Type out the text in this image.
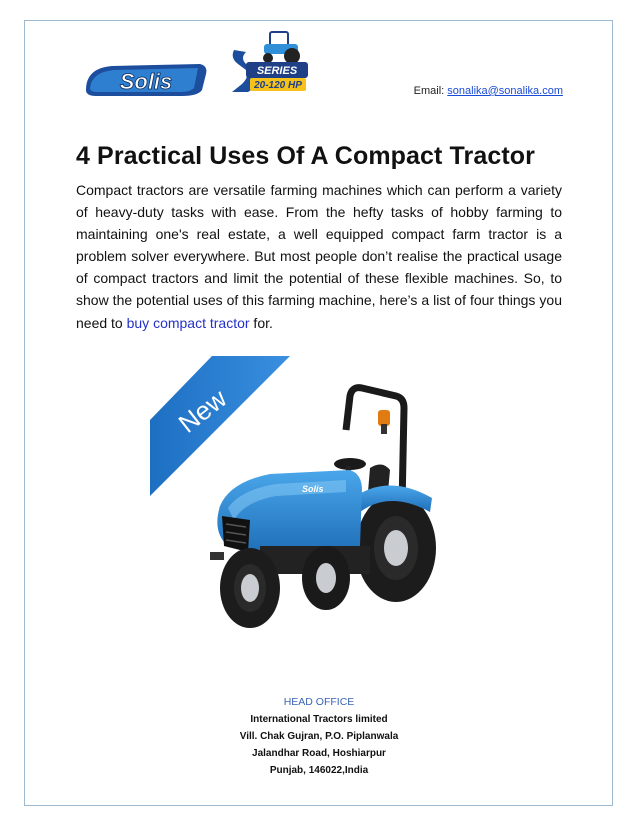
Solis	SERIES
20-120 HP	Email: sonalika@sonalika.com
4 Practical Uses Of A Compact Tractor

Compact tractors are versatile farming machines which can perform a variety of heavy-duty tasks with ease. From the hefty tasks of hobby farming to maintaining one's real estate, a well equipped compact farm tractor is a problem solver everywhere. But most people don’t realise the practical usage of compact tractors and limit the potential of these flexible machines. So, to show the potential uses of this farming machine, here’s a list of four things you need to buy compact tractor for.

New
Solis
HEAD OFFICE
International Tractors limited
Vill. Chak Gujran, P.O. Piplanwala
Jalandhar Road, Hoshiarpur
Punjab, 146022,India
